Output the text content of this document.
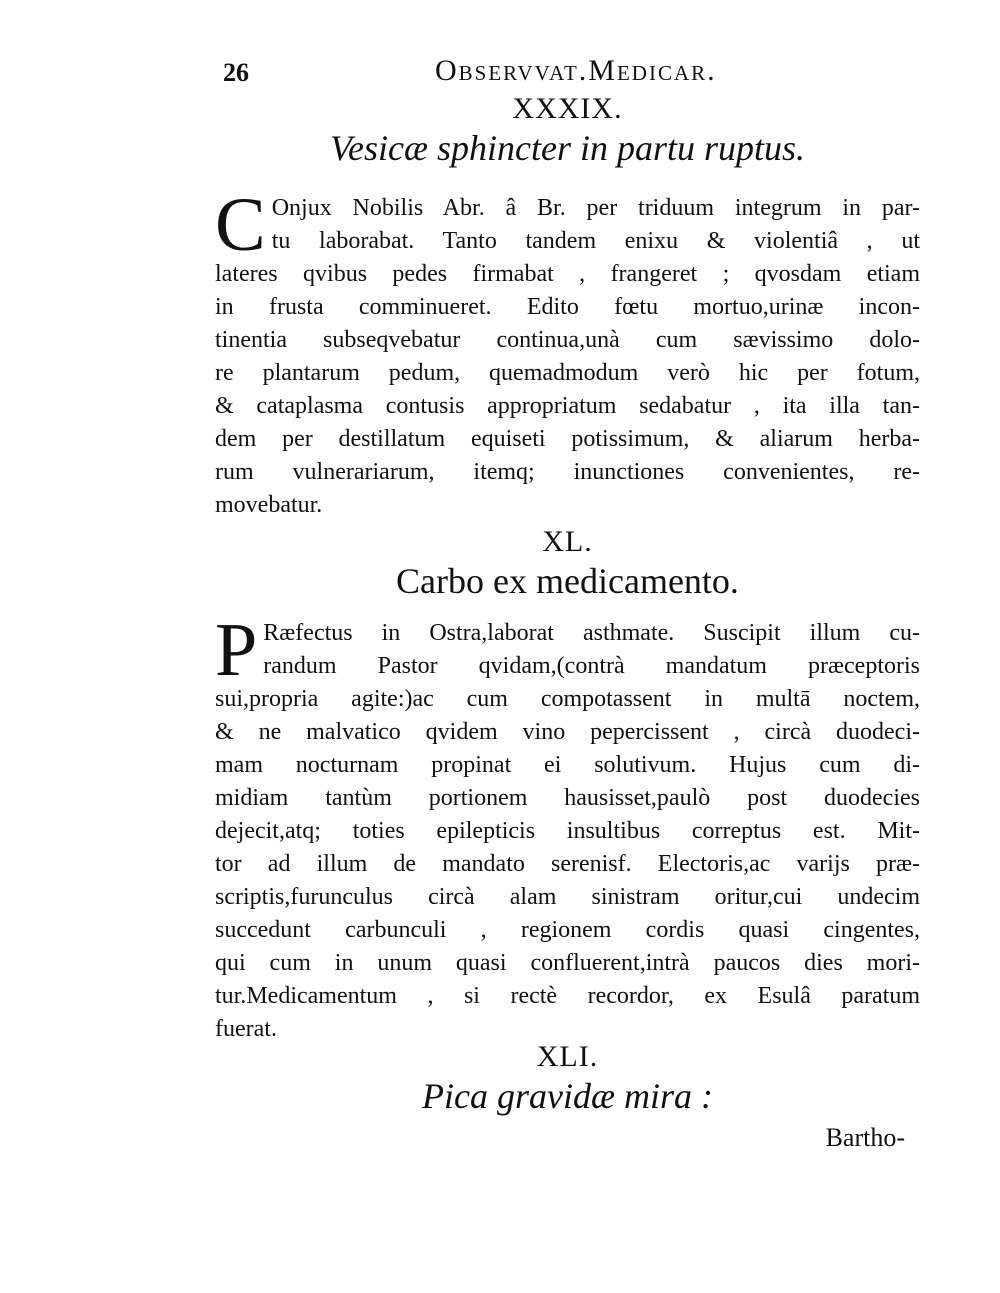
26	Observvat.Medicar.
XXXIX.
Vesicæ sphincter in partu ruptus.
C Onjux Nobilis Abr. â Br. per triduum integrum in par-
tu laborabat. Tanto tandem enixu & violentiâ , ut
lateres qvibus pedes firmabat , frangeret ; qvosdam etiam
in frusta comminueret. Edito fœtu mortuo,urinæ incon-
tinentia subseqvebatur continua,unà cum sævissimo dolo-
re plantarum pedum, quemadmodum verò hic per fotum,
& cataplasma contusis appropriatum sedabatur , ita illa tan-
dem per destillatum equiseti potissimum, & aliarum herba-
rum vulnerariarum, itemq; inunctiones convenientes, re-
movebatur.
XL.
Carbo ex medicamento.
P Ræfectus in Ostra,laborat asthmate. Suscipit illum cu-
randum Pastor qvidam,(contrà mandatum præceptoris
sui,propria agite:)ac cum compotassent in multā noctem,
& ne malvatico qvidem vino pepercissent , circà duodeci-
mam nocturnam propinat ei solutivum. Hujus cum di-
midiam tantùm portionem hausisset,paulò post duodecies
dejecit,atq; toties epilepticis insultibus correptus est. Mit-
tor ad illum de mandato serenisf. Electoris,ac varijs præ-
scriptis,furunculus circà alam sinistram oritur,cui undecim
succedunt carbunculi , regionem cordis quasi cingentes,
qui cum in unum quasi confluerent,intrà paucos dies mori-
tur.Medicamentum , si rectè recordor, ex Esulâ paratum
fuerat.
XLI.
Pica gravidæ mira :
Bartho-
